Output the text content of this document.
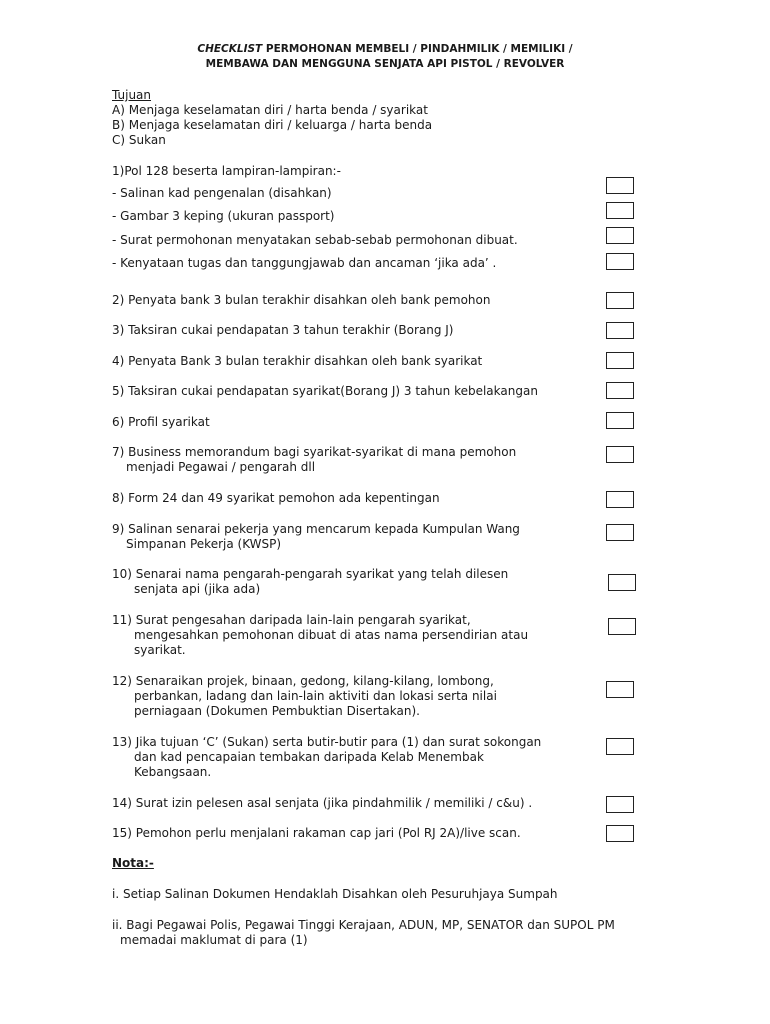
CHECKLIST PERMOHONAN MEMBELI / PINDAHMILIK / MEMILIKI /
MEMBAWA DAN MENGGUNA SENJATA API PISTOL / REVOLVER
Tujuan
A) Menjaga keselamatan diri / harta benda / syarikat
B) Menjaga keselamatan diri / keluarga / harta benda
C) Sukan
1)Pol 128 beserta lampiran-lampiran:-
- Salinan kad pengenalan (disahkan)
- Gambar 3 keping (ukuran passport)
- Surat permohonan menyatakan sebab-sebab permohonan dibuat.
- Kenyataan tugas dan tanggungjawab dan ancaman ‘jika ada’ .
2) Penyata bank 3 bulan terakhir disahkan oleh bank pemohon
3) Taksiran cukai pendapatan 3 tahun terakhir (Borang J)
4) Penyata Bank 3 bulan terakhir disahkan oleh bank syarikat
5) Taksiran cukai pendapatan syarikat(Borang J) 3 tahun kebelakangan
6) Profil syarikat
7) Business memorandum bagi syarikat-syarikat di mana pemohon
menjadi Pegawai / pengarah dll
8) Form 24 dan 49 syarikat pemohon ada kepentingan
9) Salinan senarai pekerja yang mencarum kepada Kumpulan Wang
Simpanan Pekerja (KWSP)
10) Senarai nama pengarah-pengarah syarikat yang telah dilesen
senjata api (jika ada)
11) Surat pengesahan daripada lain-lain pengarah syarikat,
mengesahkan pemohonan dibuat di atas nama persendirian atau
syarikat.
12) Senaraikan projek, binaan, gedong, kilang-kilang, lombong,
perbankan, ladang dan lain-lain aktiviti dan lokasi serta nilai
perniagaan (Dokumen Pembuktian Disertakan).
13) Jika tujuan ‘C’ (Sukan) serta butir-butir para (1) dan surat sokongan
dan kad pencapaian tembakan daripada Kelab Menembak
Kebangsaan.
14) Surat izin pelesen asal senjata (jika pindahmilik / memiliki / c&u) .
15) Pemohon perlu menjalani rakaman cap jari (Pol RJ 2A)/live scan.
Nota:-
i. Setiap Salinan Dokumen Hendaklah Disahkan oleh Pesuruhjaya Sumpah
ii. Bagi Pegawai Polis, Pegawai Tinggi Kerajaan, ADUN, MP, SENATOR dan SUPOL PM
memadai maklumat di para (1)
